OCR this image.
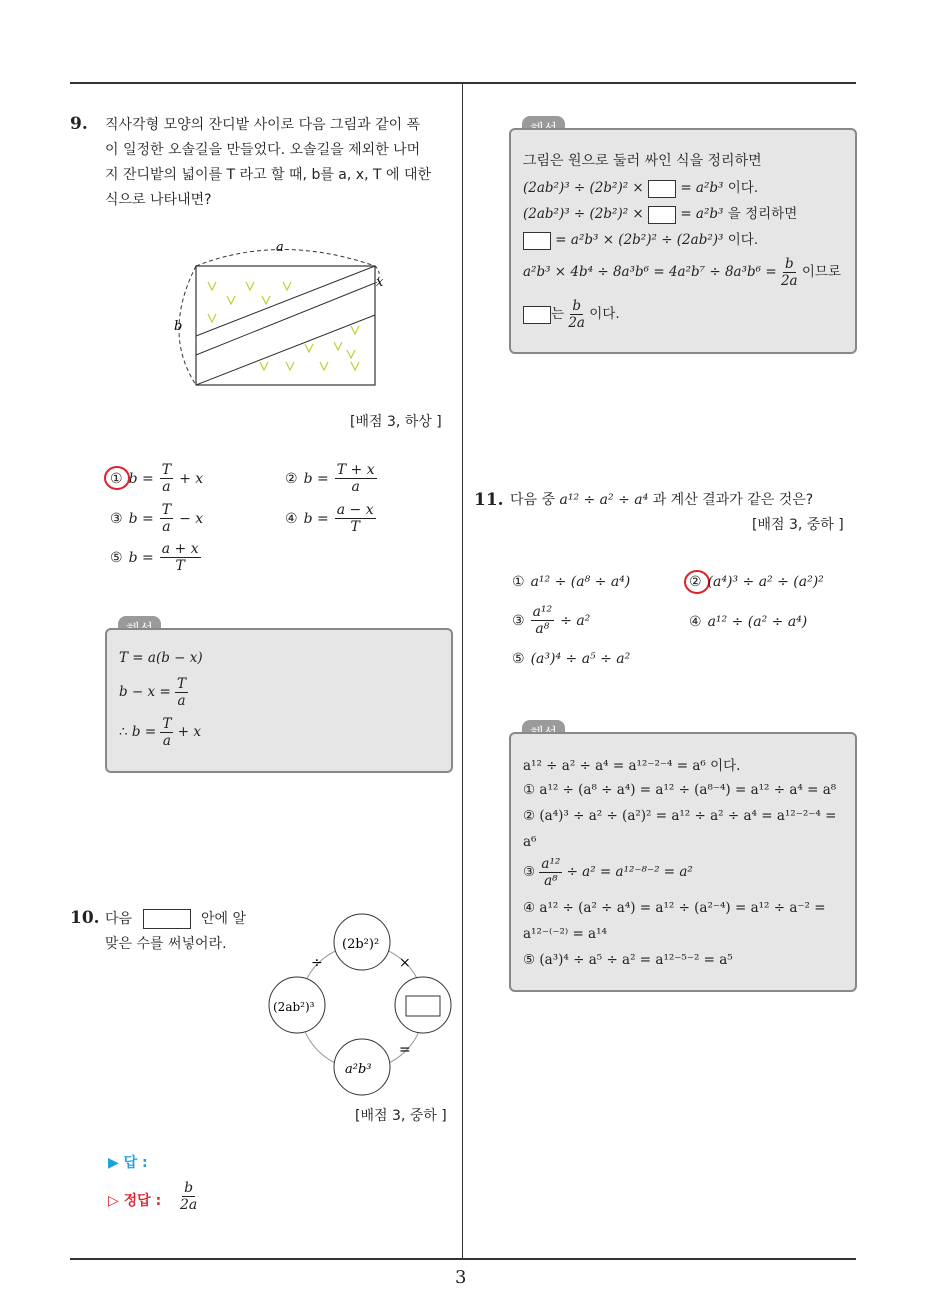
3
9. 직사각형 모양의 잔디밭 사이로 다음 그림과 같이 폭
이 일정한 오솔길을 만들었다. 오솔길을 제외한 나머
지 잔디밭의 넓이를 T 라고 할 때, b를 a, x, T 에 대한
식으로 나타내면?
a
b
x
[배점 3, 하상 ]
① $b = \frac{T}{a} + x$	② $b = \frac{T + x}{a}$
③ $b = \frac{T}{a} - x$	④ $b = \frac{a - x}{T}$
⑤ $b = \frac{a + x}{T}$
T = a(b − x)
$b - x = \frac{T}{a}$
∴ $b = \frac{T}{a} + x$
10. 다음	안에 알
맞은 수를 써넣어라.	(2b²)²
(2ab²)³
a²b³
÷	×
=
[배점 3, 중하 ]
▶ 답 :
▷ 정답 : $\frac{b}{2a}$
그림은 원으로 둘러 싸인 식을 정리하면
(2ab²)³ ÷ (2b²)² ×	= a²b³ 이다.
(2ab²)³ ÷ (2b²)² ×	= a²b³ 을 정리하면
= a²b³ × (2b²)² ÷ (2ab²)³ 이다.
$a^2b^3 \times 4b^4 \div 8a^3b^6 = 4a^2b^7 \div 8a^3b^6 = \frac{b}{2a}$ 이므로
는 $\frac{b}{2a}$ 이다.
11. 다음 중 a¹² ÷ a² ÷ a⁴ 과 계산 결과가 같은 것은?
[배점 3, 중하 ]
① a¹² ÷ (a⁸ ÷ a⁴)	② (a⁴)³ ÷ a² ÷ (a²)²
③ $\frac{\text{a¹²}}{\text{a⁸}} \div a^2$	④ a¹² ÷ (a² ÷ a⁴)
⑤ (a³)⁴ ÷ a⁵ ÷ a²
a¹² ÷ a² ÷ a⁴ = a¹²⁻²⁻⁴ = a⁶ 이다.
① a¹² ÷ (a⁸ ÷ a⁴) = a¹² ÷ (a⁸⁻⁴) = a¹² ÷ a⁴ = a⁸
② (a⁴)³ ÷ a² ÷ (a²)² = a¹² ÷ a² ÷ a⁴ = a¹²⁻²⁻⁴ =
a⁶
③ $\frac{\text{a¹²}}{\text{a⁸}} \div a^2 = a^{12-8-2} = a^2$
④ a¹² ÷ (a² ÷ a⁴) = a¹² ÷ (a²⁻⁴) = a¹² ÷ a⁻² =
a¹²⁻⁽⁻²⁾ = a¹⁴
⑤ (a³)⁴ ÷ a⁵ ÷ a² = a¹²⁻⁵⁻² = a⁵
